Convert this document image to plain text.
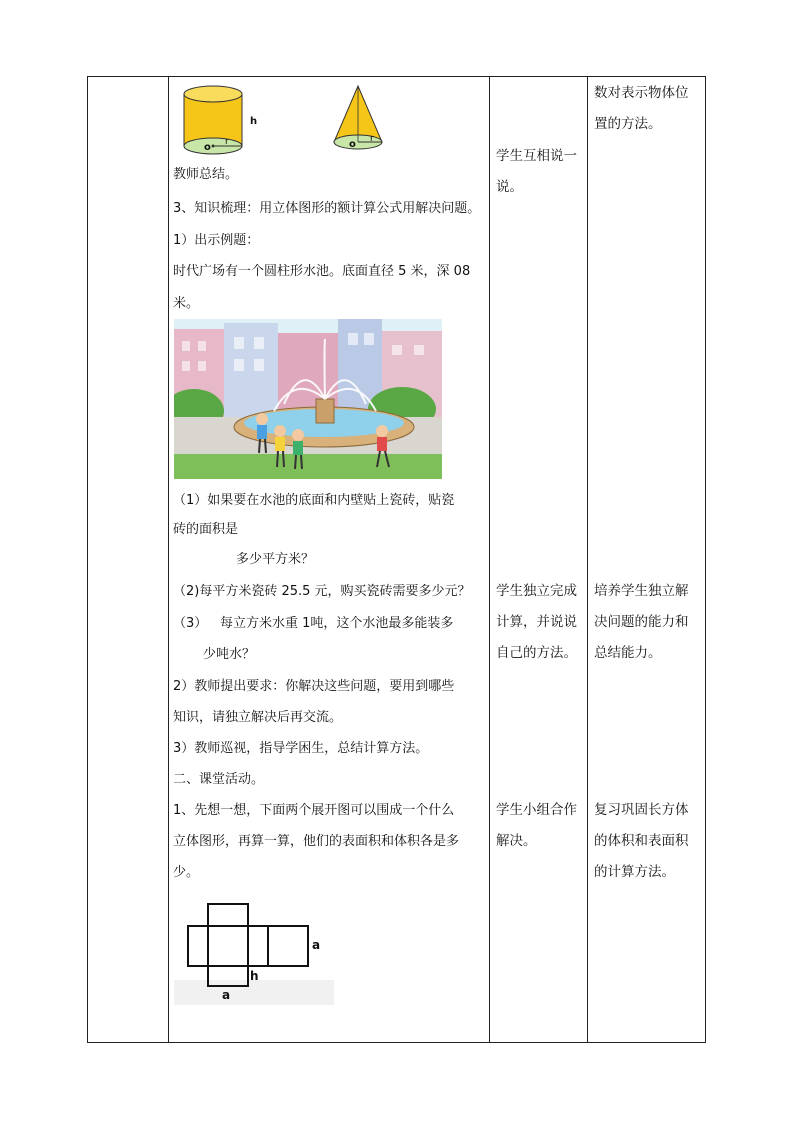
o r
h
o r
教师总结。
3、知识梳理：用立体图形的额计算公式用解决问题。
1）出示例题：
时代广场有一个圆柱形水池。底面直径 5 米，深 08
米。
（1）如果要在水池的底面和内壁贴上瓷砖，贴瓷
砖的面积是
多少平方米？
（2)每平方米瓷砖 25.5 元，购买瓷砖需要多少元？
（3） 每立方米水重 1吨，这个水池最多能装多
少吨水？
2）教师提出要求：你解决这些问题，要用到哪些
知识，请独立解决后再交流。
3）教师巡视，指导学困生，总结计算方法。
二、课堂活动。
1、先想一想，下面两个展开图可以围成一个什么
立体图形，再算一算，他们的表面积和体积各是多
少。
a
h
a
学生互相说一
说。
学生独立完成
计算，并说说
自己的方法。
学生小组合作
解决。
数对表示物体位
置的方法。
培养学生独立解
决问题的能力和
总结能力。
复习巩固长方体
的体积和表面积
的计算方法。
